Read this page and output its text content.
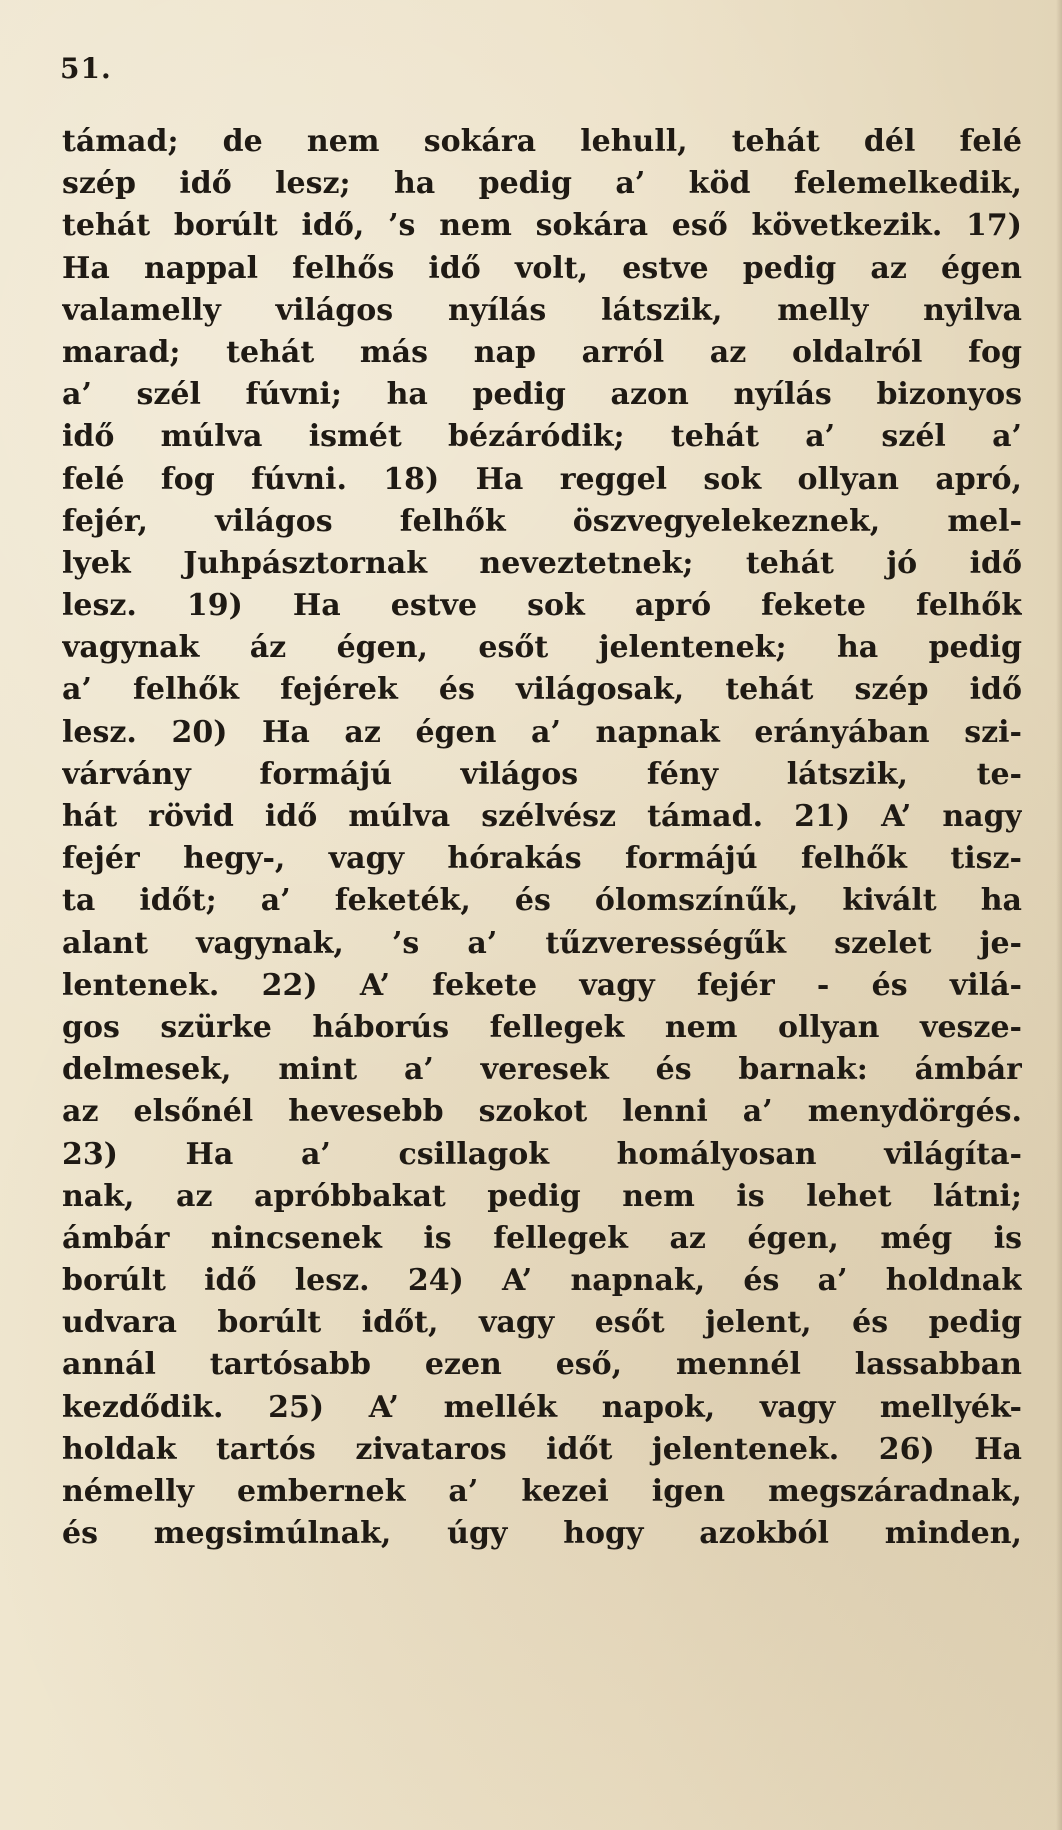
51.
támad; de nem sokára lehull, tehát dél felé
szép idő lesz; ha pedig a’ köd felemelkedik,
tehát borúlt idő, ’s nem sokára eső következik. 17)
Ha nappal felhős idő volt, estve pedig az égen
valamelly világos nyílás látszik, melly nyilva
marad; tehát más nap arról az oldalról fog
a’ szél fúvni; ha pedig azon nyílás bizonyos
idő múlva ismét bézáródik; tehát a’ szél a’
felé fog fúvni. 18) Ha reggel sok ollyan apró,
fejér, világos felhők öszvegyelekeznek, mel-
lyek Juhpásztornak neveztetnek; tehát jó idő
lesz. 19) Ha estve sok apró fekete felhők
vagynak áz égen, esőt jelentenek; ha pedig
a’ felhők fejérek és világosak, tehát szép idő
lesz. 20) Ha az égen a’ napnak erányában szi-
várvány formájú világos fény látszik, te-
hát rövid idő múlva szélvész támad. 21) A’ nagy
fejér hegy-, vagy hórakás formájú felhők tisz-
ta időt; a’ feketék, és ólomszínűk, kivált ha
alant vagynak, ’s a’ tűzverességűk szelet je-
lentenek. 22) A’ fekete vagy fejér - és vilá-
gos szürke háborús fellegek nem ollyan vesze-
delmesek, mint a’ veresek és barnak: ámbár
az elsőnél hevesebb szokot lenni a’ menydörgés.
23) Ha a’ csillagok homályosan világíta-
nak, az apróbbakat pedig nem is lehet látni;
ámbár nincsenek is fellegek az égen, még is
borúlt idő lesz. 24) A’ napnak, és a’ holdnak
udvara borúlt időt, vagy esőt jelent, és pedig
annál tartósabb ezen eső, mennél lassabban
kezdődik. 25) A’ mellék napok, vagy mellyék-
holdak tartós zivataros időt jelentenek. 26) Ha
némelly embernek a’ kezei igen megszáradnak,
és megsimúlnak, úgy hogy azokból minden,
